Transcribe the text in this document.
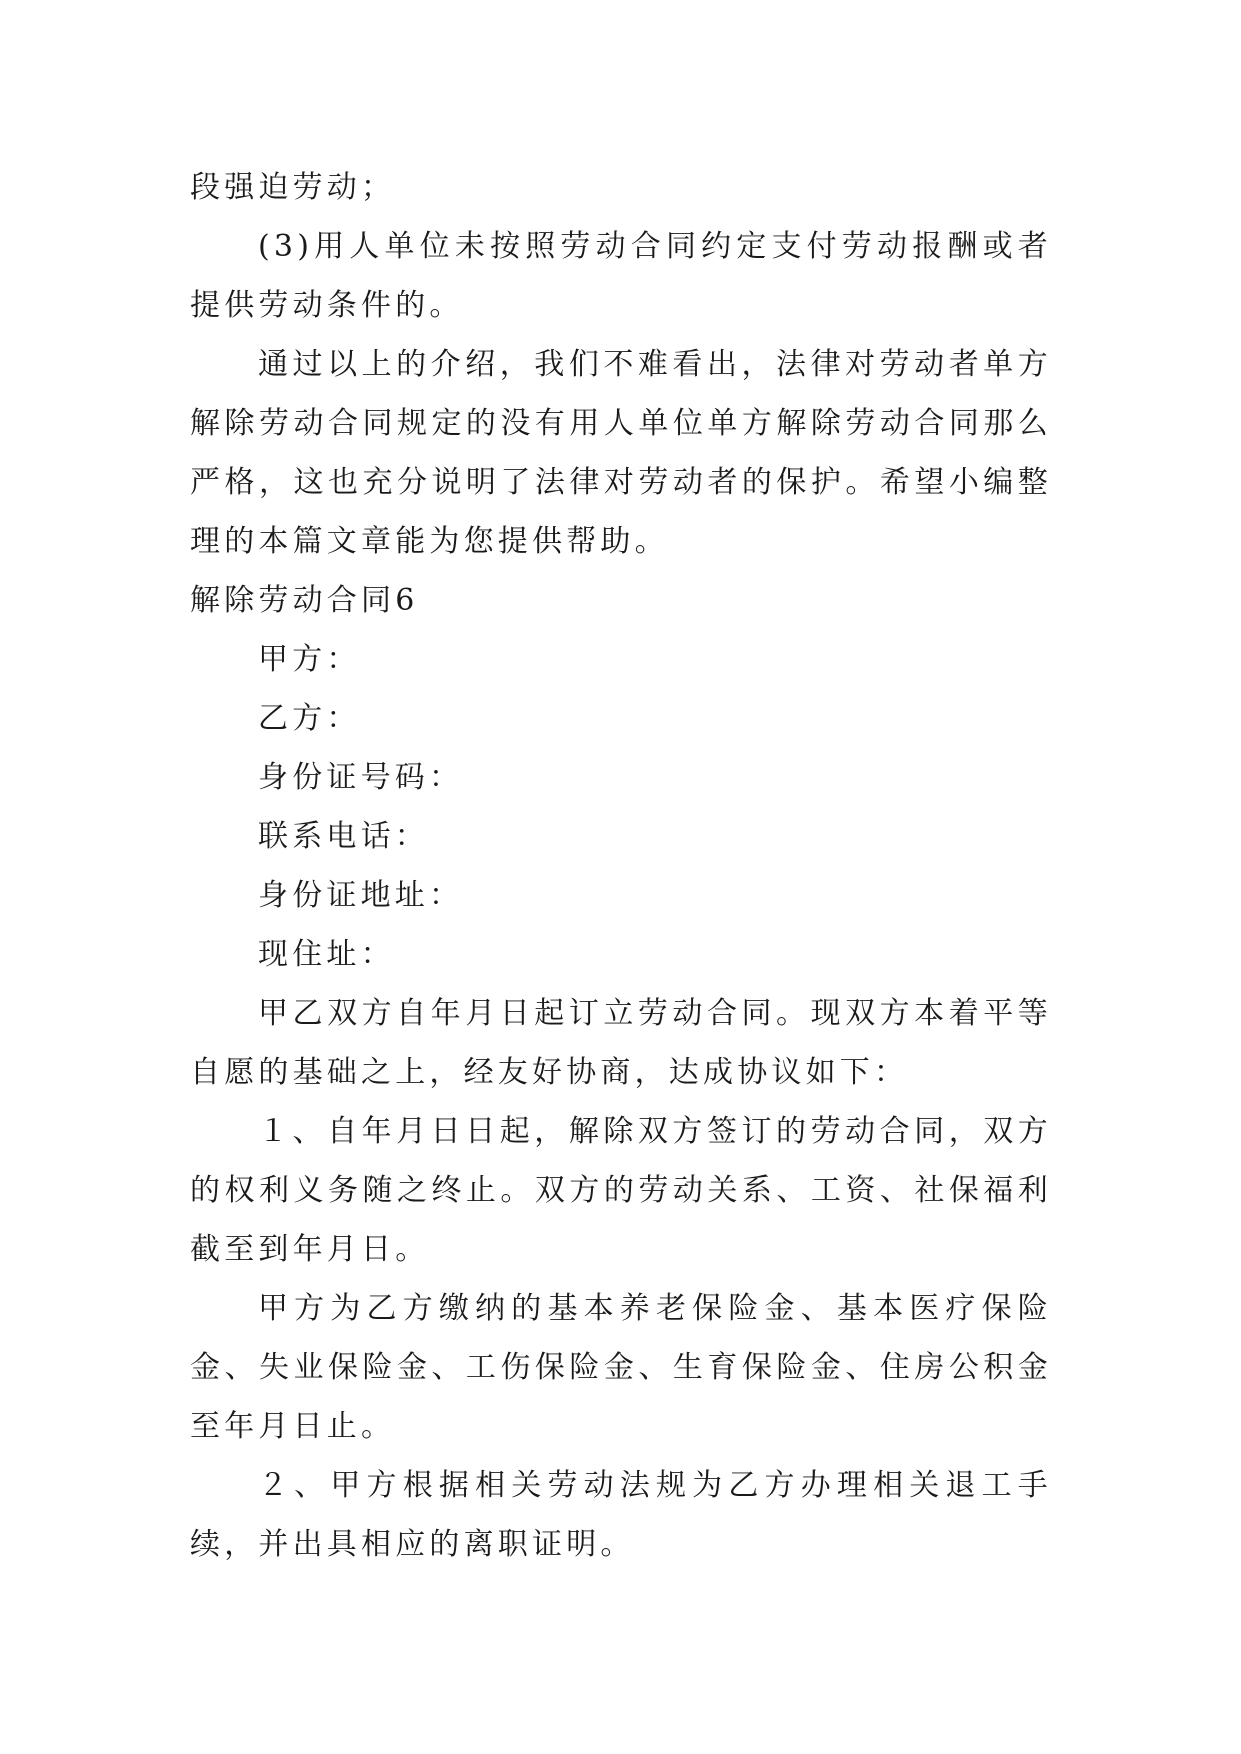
段强迫劳动；

(3)用人单位未按照劳动合同约定支付劳动报酬或者提供劳动条件的。

通过以上的介绍，我们不难看出，法律对劳动者单方解除劳动合同规定的没有用人单位单方解除劳动合同那么严格，这也充分说明了法律对劳动者的保护。希望小编整理的本篇文章能为您提供帮助。

解除劳动合同6

甲方：

乙方：

身份证号码：

联系电话：

身份证地址：

现住址：

甲乙双方自年月日起订立劳动合同。现双方本着平等自愿的基础之上，经友好协商，达成协议如下：

１、自年月日日起，解除双方签订的劳动合同，双方的权利义务随之终止。双方的劳动关系、工资、社保福利截至到年月日。

甲方为乙方缴纳的基本养老保险金、基本医疗保险金、失业保险金、工伤保险金、生育保险金、住房公积金至年月日止。

２、甲方根据相关劳动法规为乙方办理相关退工手续，并出具相应的离职证明。
